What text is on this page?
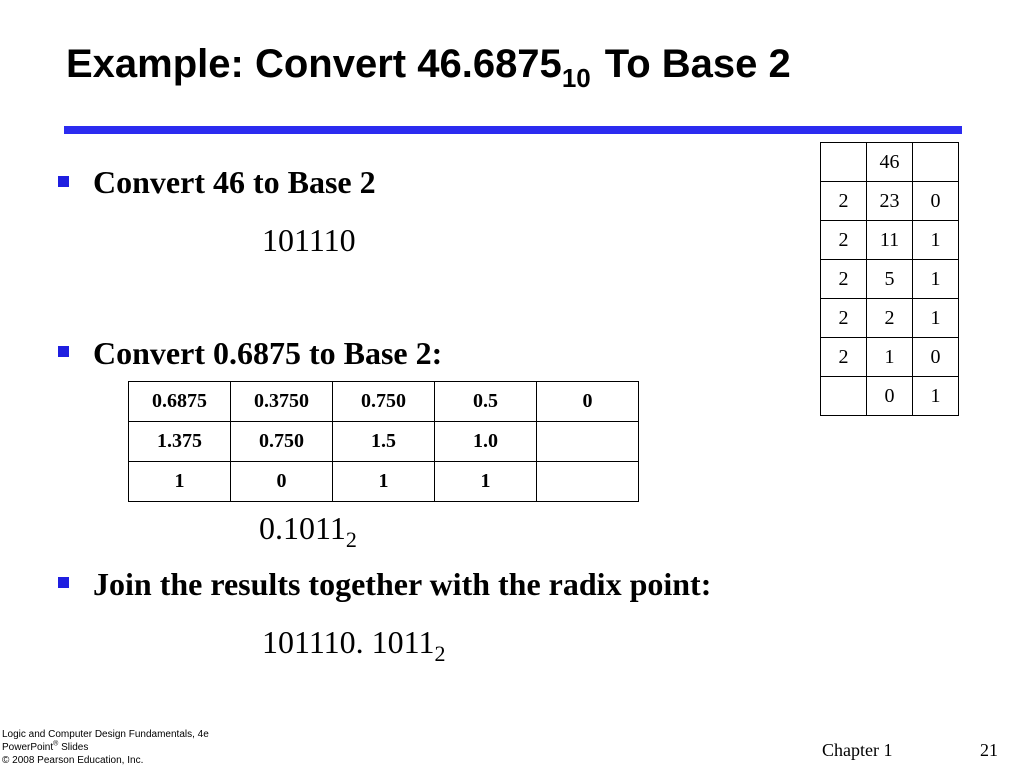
Example: Convert $46.6875_{10}$ To Base 2
Convert 46 to Base 2
101110
Convert 0.6875 to Base 2:
0.6875	0.3750	0.750	0.5	0
1.375	0.750	1.5	1.0	
1	0	1	1	
$0.1011_2$
Join the results together with the radix point:
101110. $1011_2$
	46	
2	23	0
2	11	1
2	5	1
2	2	1
2	1	0
	0	1
Logic and Computer Design Fundamentals, 4e
PowerPoint® Slides
© 2008 Pearson Education, Inc.
Chapter 1	21
